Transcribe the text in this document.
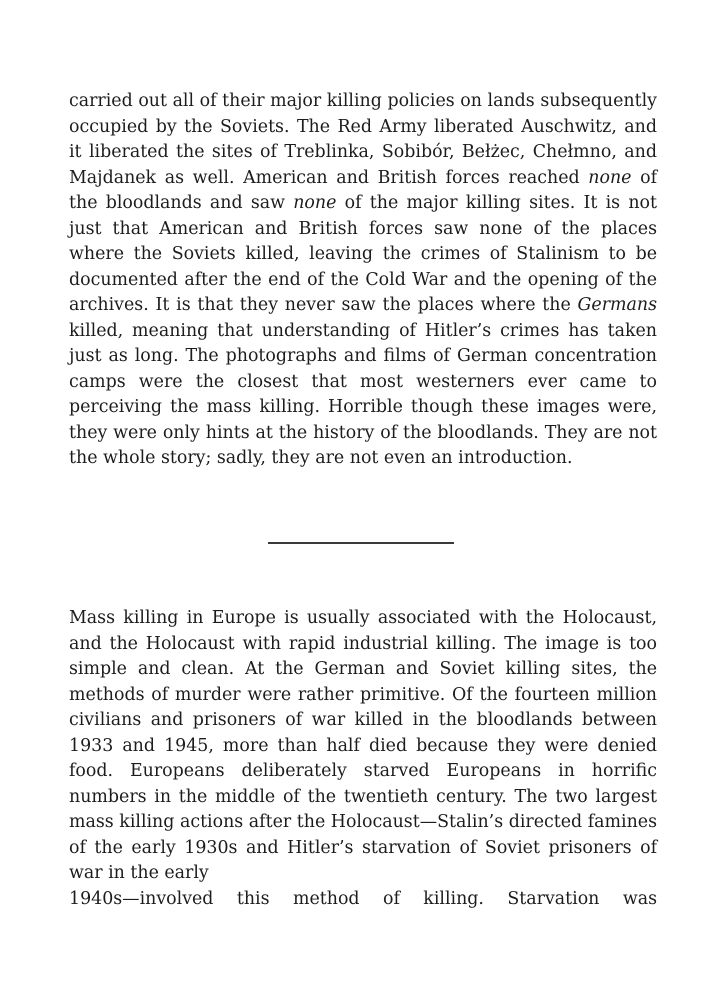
carried out all of their major killing policies on lands subsequently occupied by the Soviets. The Red Army liberated Auschwitz, and it liberated the sites of Treblinka, Sobibór, Bełżec, Chełmno, and Majdanek as well. American and British forces reached none of the bloodlands and saw none of the major killing sites. It is not just that American and British forces saw none of the places where the Soviets killed, leaving the crimes of Stalinism to be documented after the end of the Cold War and the opening of the archives. It is that they never saw the places where the Germans killed, meaning that understanding of Hitler’s crimes has taken just as long. The photographs and films of German concentration camps were the closest that most westerners ever came to perceiving the mass killing. Horrible though these images were, they were only hints at the history of the bloodlands. They are not the whole story; sadly, they are not even an introduction.

Mass killing in Europe is usually associated with the Holocaust, and the Holocaust with rapid industrial killing. The image is too simple and clean. At the German and Soviet killing sites, the methods of murder were rather primitive. Of the fourteen million civilians and prisoners of war killed in the bloodlands between 1933 and 1945, more than half died because they were denied food. Europeans deliberately starved Europeans in horrific numbers in the middle of the twentieth century. The two largest mass killing actions after the Holocaust—Stalin’s directed famines of the early 1930s and Hitler’s starvation of Soviet prisoners of war in the early
1940s—involved this method of killing. Starvation was
